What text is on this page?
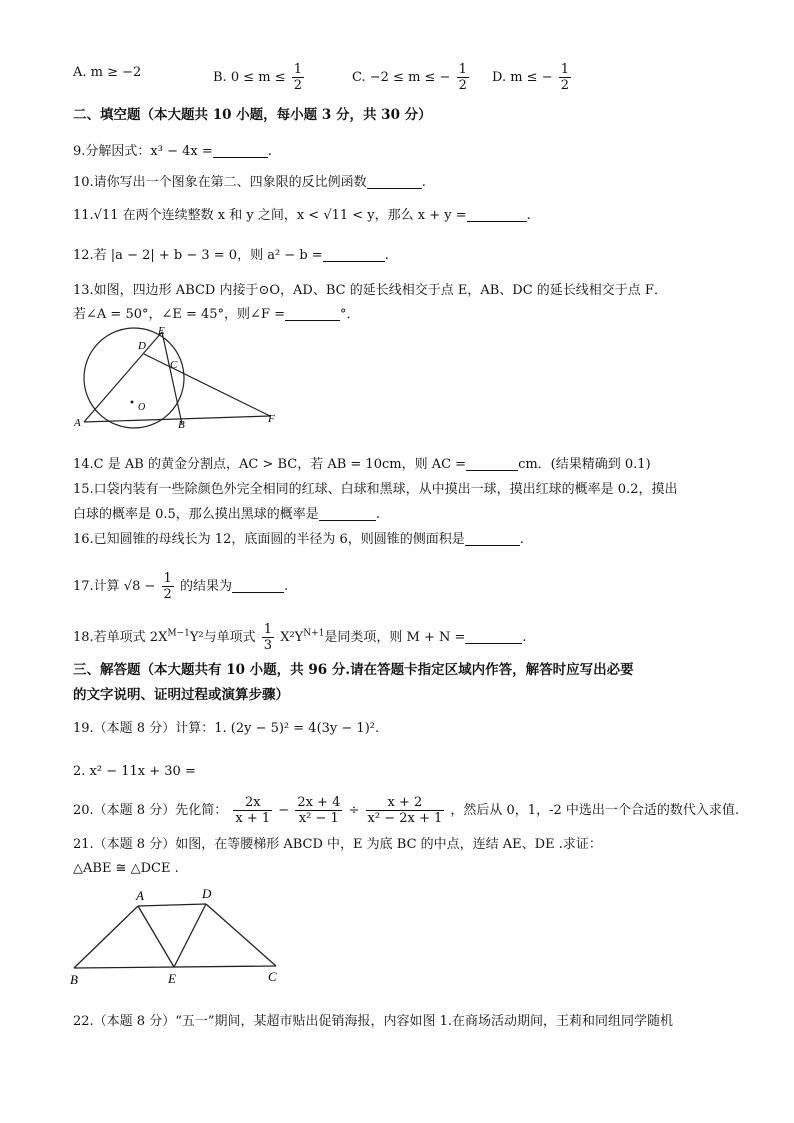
A. m ≥ −2	B. $0 \le m \le \frac{1}{2}$	C. −2 ≤ m ≤ − $\frac{1}{2} D$. m ≤ − $\frac{1}{2}$
二、填空题（本大题共 10 小题，每小题 3 分，共 30 分）
9.分解因式：x³ − 4x =	.
10.请你写出一个图象在第二、四象限的反比例函数	.
11.√11 在两个连续整数 x 和 y 之间，x < √11 < y，那么 x + y =	.
12.若 |a − 2| + b − 3 = 0，则 a² − b =	.
13.如图，四边形 ABCD 内接于⊙O，AD、BC 的延长线相交于点 E，AB、DC 的延长线相交于点 F．
若∠A = 50°，∠E = 45°，则∠F =	°．
D
E
C
O
A	B	F
14.C 是 AB 的黄金分割点，AC > BC，若 AB = 10cm，则 AC =	cm．(结果精确到 0.1)
15.口袋内装有一些除颜色外完全相同的红球、白球和黑球，从中摸出一球，摸出红球的概率是 0.2，摸出
白球的概率是 0.5，那么摸出黑球的概率是	.
16.已知圆锥的母线长为 12，底面圆的半径为 6，则圆锥的侧面积是	.
17.计算 $√8 - \frac{1}{2}$ 的结果为	.
18.若单项式 $2X^{M-1}Y^2$与单项式 $\frac{1}{3} X^2Y^{N+1}$是同类项，则 M + N =	.
三、解答题（本大题共有 10 小题，共 96 分.请在答题卡指定区域内作答，解答时应写出必要
的文字说明、证明过程或演算步骤）
19.（本题 8 分）计算：1. (2y − 5)² = 4(3y − 1)².
2. x² − 11x + 30 =
20.（本题 8 分）先化简： $\frac{2x}{x + 1} - \frac{2x + 4}{\text{x² − 1}} \div \frac{x + 2}{\text{x² − 2x + 1}}$ ，然后从 0，1，-2 中选出一个合适的数代入求值.
21.（本题 8 分）如图，在等腰梯形 ABCD 中，E 为底 BC 的中点，连结 AE、DE .求证：
△ABE ≅ △DCE .
A	D
B	E	C
22.（本题 8 分）“五一”期间，某超市贴出促销海报，内容如图 1.在商场活动期间，王莉和同组同学随机
